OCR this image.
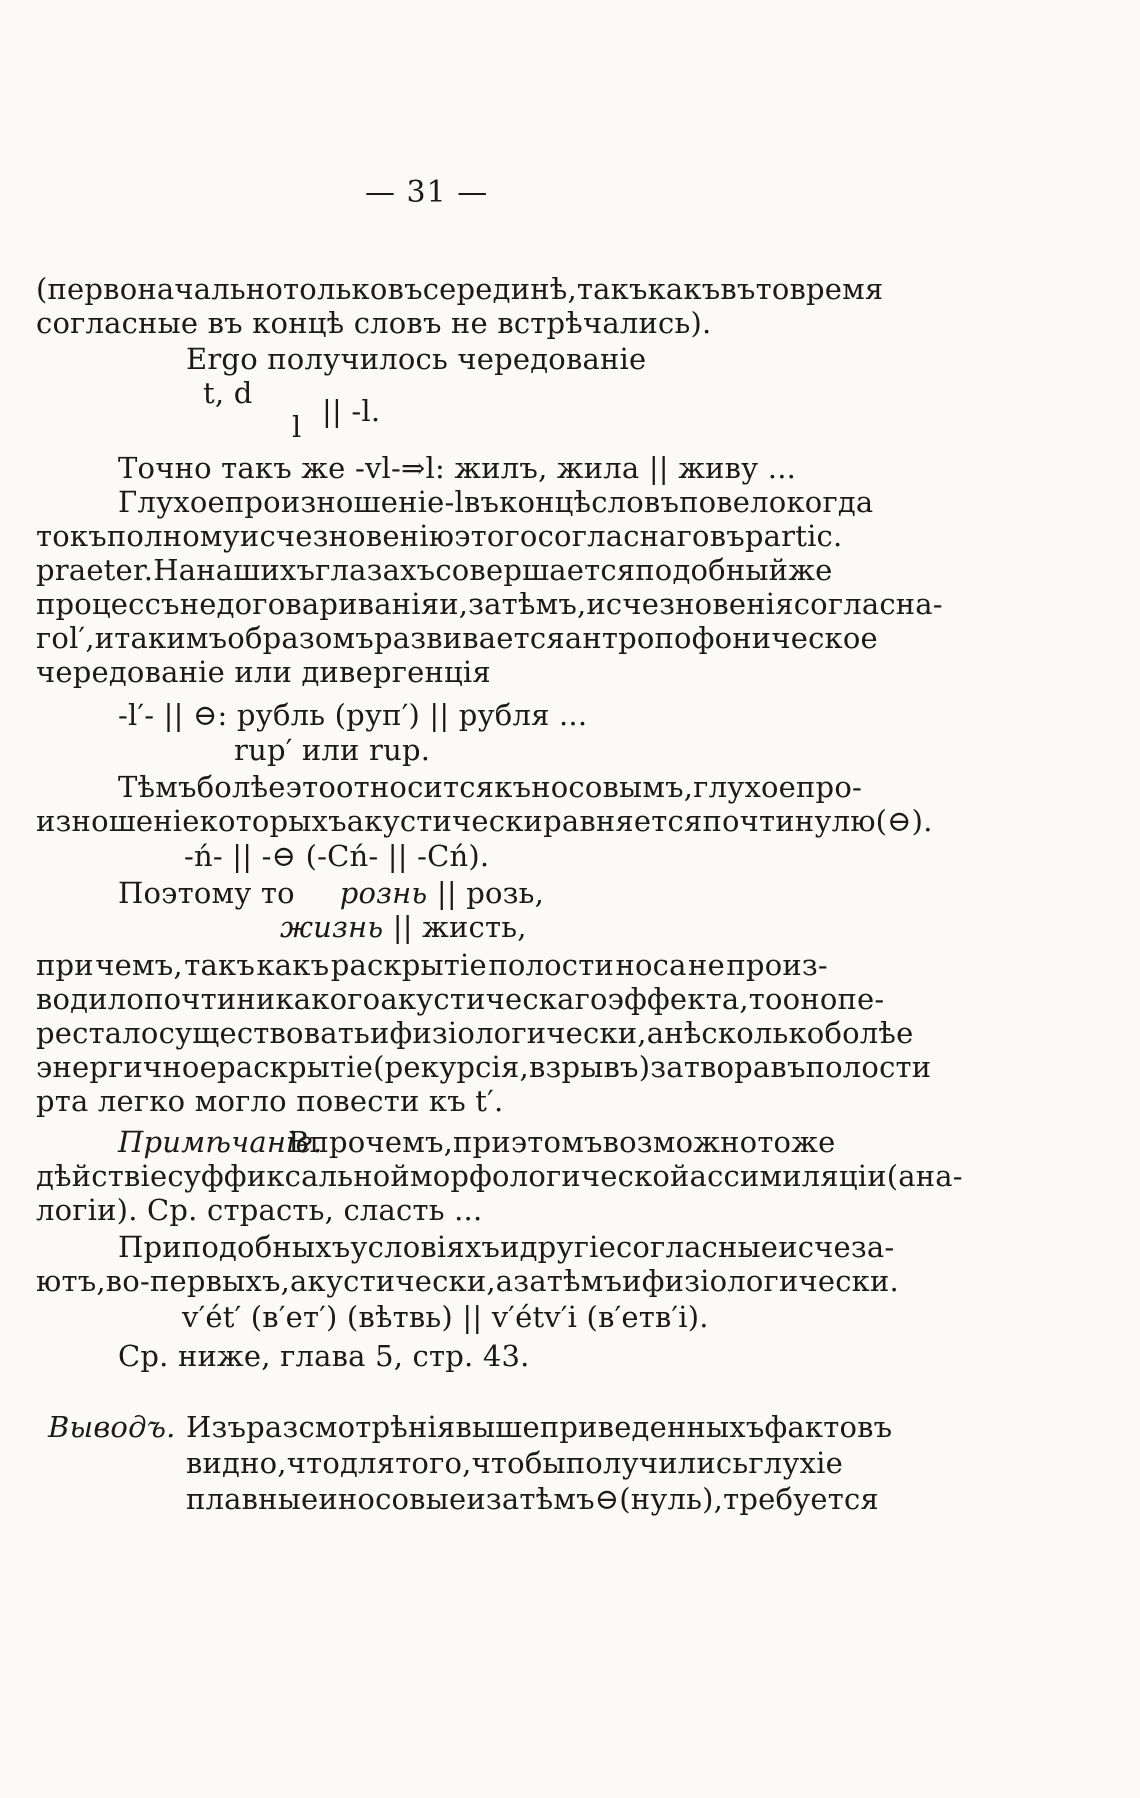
— 31 —
(первоначально только въ серединѣ, такъ какъ въ то время
согласные въ концѣ словъ не встрѣчались).
Ergo получилось чередованіе
t, d
l || -l.
Точно такъ же -vl-⇒l: жилъ, жила || живу ...
Глухое произношеніе -l въ концѣ словъ повело когда
то къ полному исчезновенію этого согласнаго въ partic.
praeter. На нашихъ глазахъ совершается подобный же
процессъ недоговариванія и, затѣмъ, исчезновенія согласна-
го l′, и такимъ образомъ развивается антропофоническое
чередованіе или дивергенція
-l′- || ⊖: рубль (руп′) || рубля ...
rup′ или rup.
Тѣмъ болѣе это относится къ носовымъ, глухое про-
изношеніе которыхъ акустически равняется почти нулю (⊖).
-ń- || -⊖ (-Сń- || -Сń).
Поэтому то рознь || розь,
жизнь || жисть,
при чемъ, такъ какъ раскрытіе полости носа не произ-
водило почти никакого акустическаго эффекта, то оно пе-
рестало существовать и физіологически, а нѣсколько болѣе
энергичное раскрытіе (рекурсія, взрывъ) затвора въ полости
рта легко могло повести къ t′.
Примѣчаніе.
Впрочемъ, при этомъ возможно тоже
дѣйствіе суффиксальной морфологической ассимиляціи (ана-
логіи). Ср. страсть, сласть ...
При подобныхъ условіяхъ и другіе согласные исчеза-
ютъ, во-первыхъ, акустически, а затѣмъ и физіологически.
v′ét′ (в′ет′) (вѣтвь) || v′étv′i (в′етв′і).
Ср. ниже, глава 5, стр. 43.
Выводъ. Изъ разсмотрѣнія выше приведенныхъ фактовъ
видно, что для того, чтобы получились глухіе
плавные и носовые и затѣмъ ⊖ (нуль), требуется
